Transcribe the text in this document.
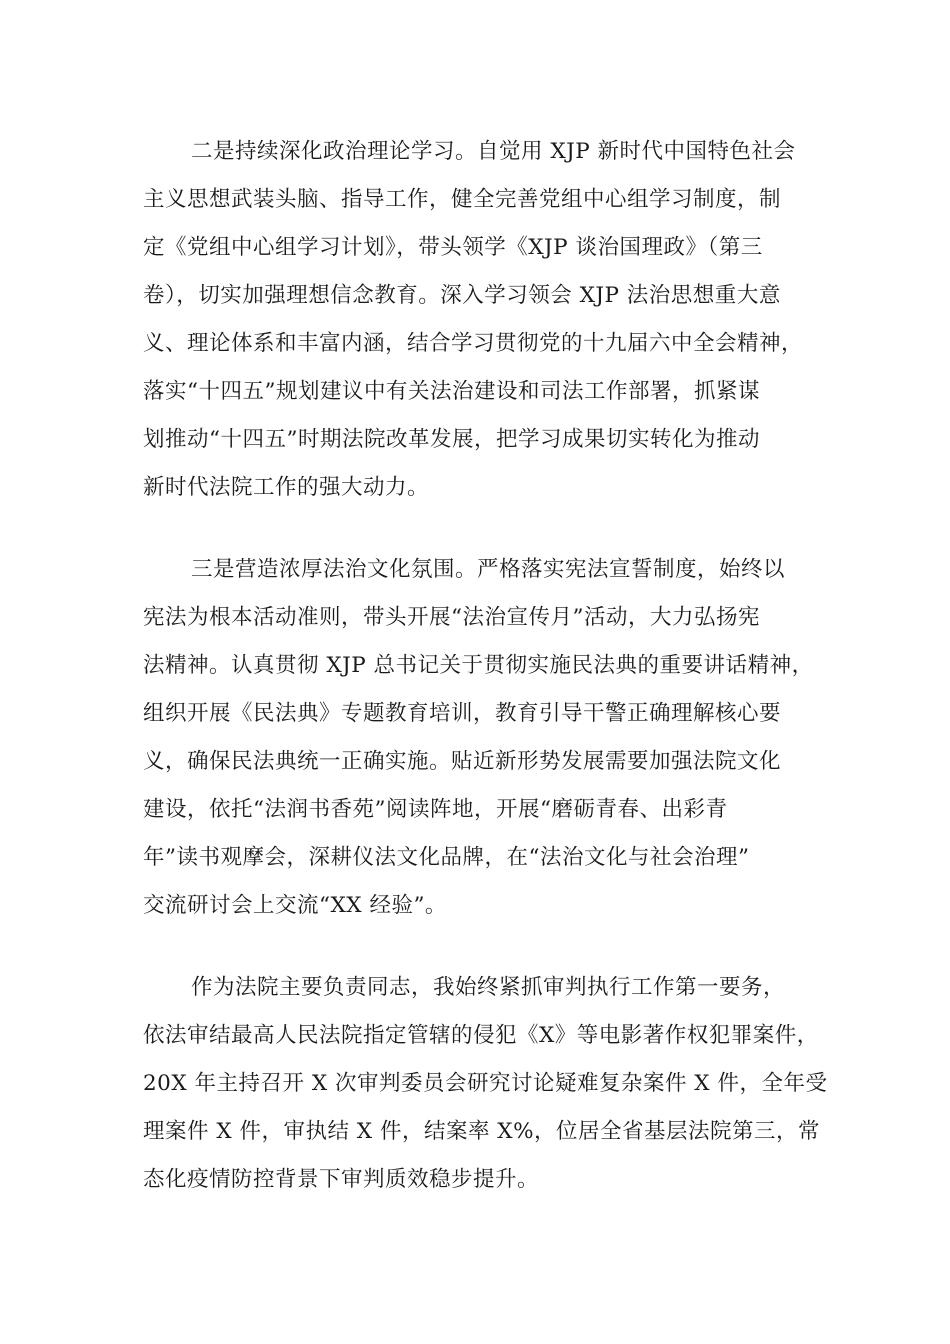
二是持续深化政治理论学习。自觉用 XJP 新时代中国特色社会
主义思想武装头脑、指导工作，健全完善党组中心组学习制度，制
定《党组中心组学习计划》，带头领学《XJP 谈治国理政》（第三
卷），切实加强理想信念教育。深入学习领会 XJP 法治思想重大意
义、理论体系和丰富内涵，结合学习贯彻党的十九届六中全会精神，
落实“十四五”规划建议中有关法治建设和司法工作部署，抓紧谋
划推动“十四五”时期法院改革发展，把学习成果切实转化为推动
新时代法院工作的强大动力。
三是营造浓厚法治文化氛围。严格落实宪法宣誓制度，始终以
宪法为根本活动准则，带头开展“法治宣传月”活动，大力弘扬宪
法精神。认真贯彻 XJP 总书记关于贯彻实施民法典的重要讲话精神，
组织开展《民法典》专题教育培训，教育引导干警正确理解核心要
义，确保民法典统一正确实施。贴近新形势发展需要加强法院文化
建设，依托“法润书香苑”阅读阵地，开展“磨砺青春、出彩青
年”读书观摩会，深耕仪法文化品牌，在“法治文化与社会治理”
交流研讨会上交流“XX 经验”。
作为法院主要负责同志，我始终紧抓审判执行工作第一要务，
依法审结最高人民法院指定管辖的侵犯《X》等电影著作权犯罪案件，
20X 年主持召开 X 次审判委员会研究讨论疑难复杂案件 X 件，全年受
理案件 X 件，审执结 X 件，结案率 X%，位居全省基层法院第三，常
态化疫情防控背景下审判质效稳步提升。
